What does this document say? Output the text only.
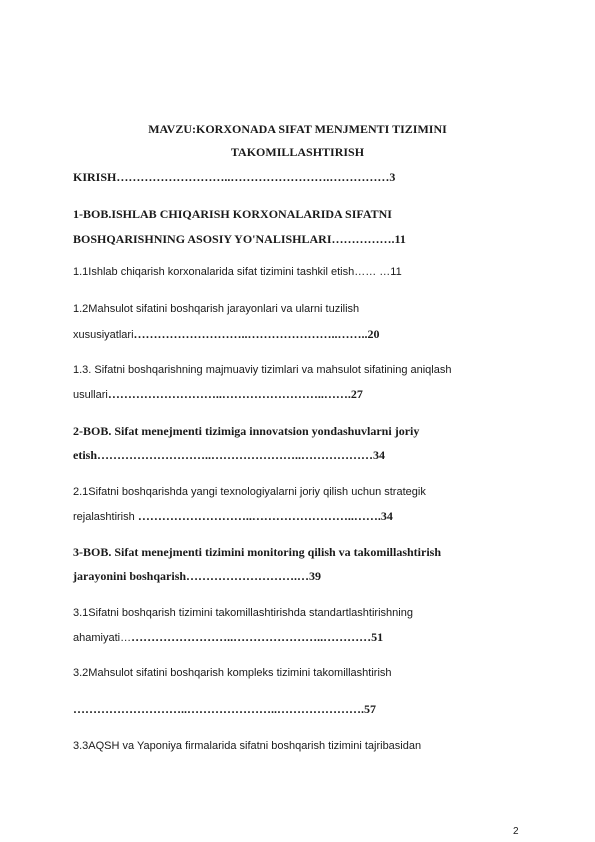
MAVZU:KORXONADA SIFAT MENJMENTI TIZIMINI
TAKOMILLASHTIRISH
KIRISH………………………..…………………….……………3
1-BOB.ISHLAB CHIQARISH KORXONALARIDA SIFATNI
BOSHQARISHNING ASOSIY YO'NALISHLARI…………….11
1.1Ishlab chiqarish korxonalarida sifat tizimini tashkil etish…… …11
1.2Mahsulot sifatini boshqarish jarayonlari va ularni tuzilish
xususiyatlari………………………..…………………..……..20
1.3. Sifatni boshqarishning majmuaviy tizimlari va mahsulot sifatining aniqlash
usullari………………………..……………………..…….27
2-BOB. Sifat menejmenti tizimiga innovatsion yondashuvlarni joriy
etish………………………..…………………..………………34
2.1Sifatni boshqarishda yangi texnologiyalarni joriy qilish uchun strategik
rejalashtirish ………………………..……………………..…….34
3-BOB. Sifat menejmenti tizimini monitoring qilish va takomillashtirish
jarayonini boshqarish……………………….…39
3.1Sifatni boshqarish tizimini takomillashtirishda standartlashtirishning
ahamiyati………………………..…………………..…………51
3.2Mahsulot sifatini boshqarish kompleks tizimini takomillashtirish
………………………..…………………..………………….57
3.3AQSH va Yaponiya firmalarida sifatni boshqarish tizimini tajribasidan
2
